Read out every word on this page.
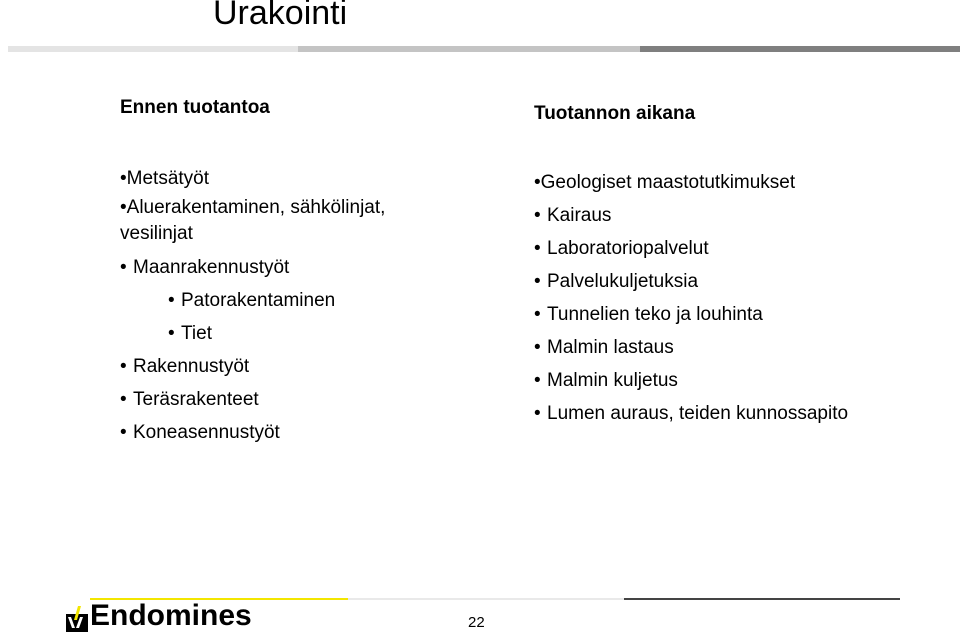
Urakointi

Ennen tuotantoa

•Metsätyöt
•Aluerakentaminen, sähkölinjat,
vesilinjat
• Maanrakennustyöt
• Patorakentaminen
• Tiet
• Rakennustyöt
• Teräsrakenteet
• Koneasennustyöt

Tuotannon aikana

•Geologiset maastotutkimukset
• Kairaus
• Laboratoriopalvelut
• Palvelukuljetuksia
• Tunnelien teko ja louhinta
• Malmin lastaus
• Malmin kuljetus
• Lumen auraus, teiden kunnossapito
Endomines	22
